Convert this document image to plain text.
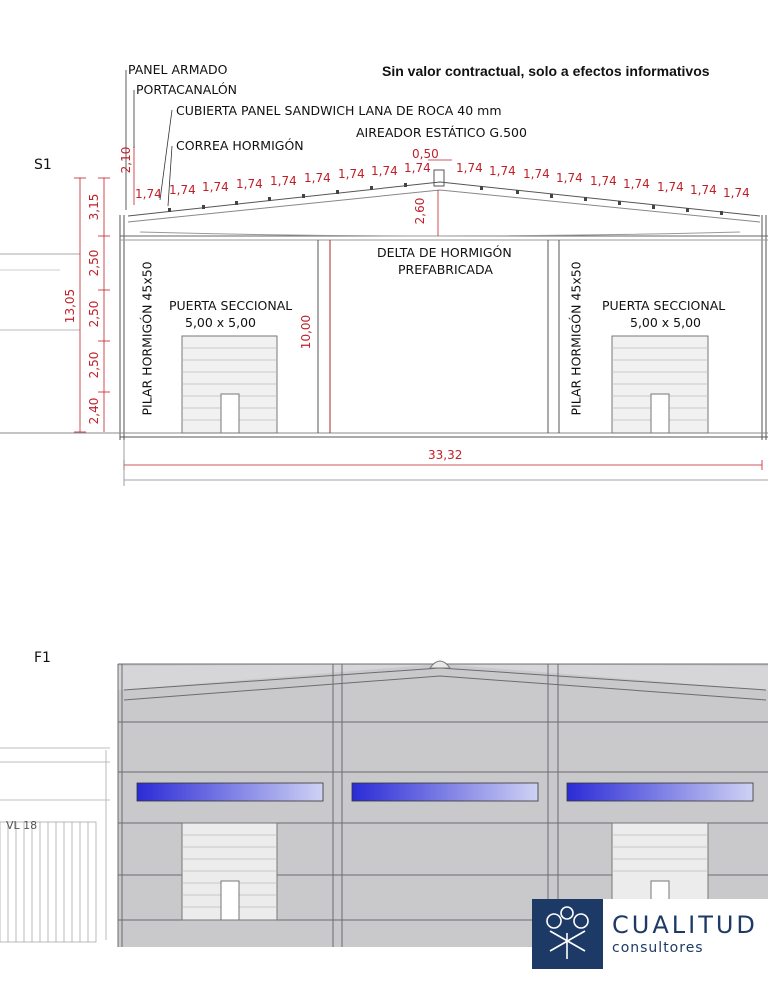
Sin valor contractual, solo a efectos informativos
S1
F1
PANEL ARMADO
PORTACANALÓN
CUBIERTA PANEL SANDWICH LANA DE ROCA 40 mm
AIREADOR ESTÁTICO G.500
CORREA HORMIGÓN
DELTA DE HORMIGÓN
PREFABRICADA
PUERTA SECCIONAL
5,00 x 5,00
PUERTA SECCIONAL
5,00 x 5,00
PILAR HORMIGÓN 45x50	PILAR HORMIGÓN 45x50
VL 18
1,74 1,74 1,74 1,74 1,74 1,74 1,74 1,74 1,74 1,74 1,74 1,74 1,74 1,74 1,74 1,74 1,74 1,74
0,50
2,60
2,10
3,15
2,50
2,50
2,50
2,40
13,05
10,00
33,32
CUALITUD
consultores
